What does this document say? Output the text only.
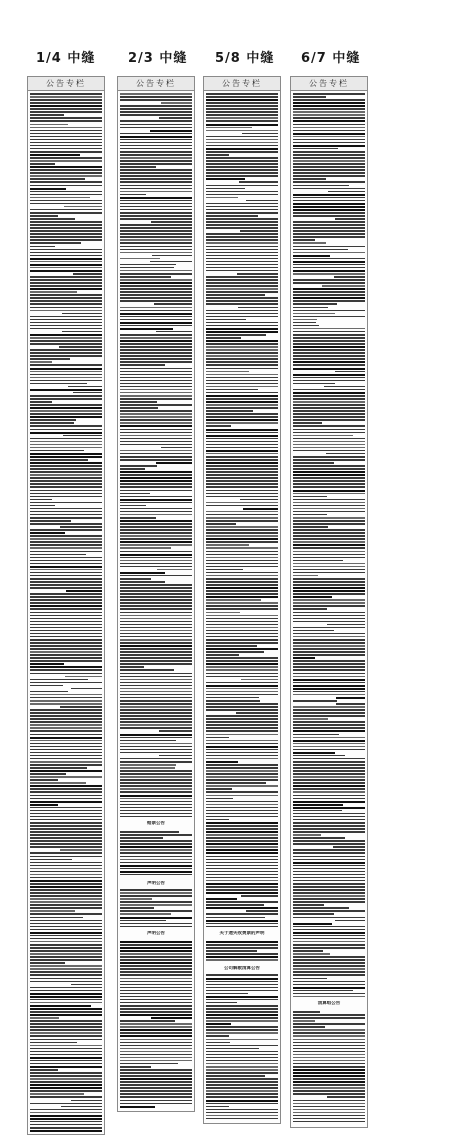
1/4 中缝
公告专栏
2/3 中缝
公告专栏
赔票公告
声明公告
声明公告
5/8 中缝
公告专栏
关于遗失收费票的声明
公司解散清算公告
6/7 中缝
公告专栏
清算组公告
